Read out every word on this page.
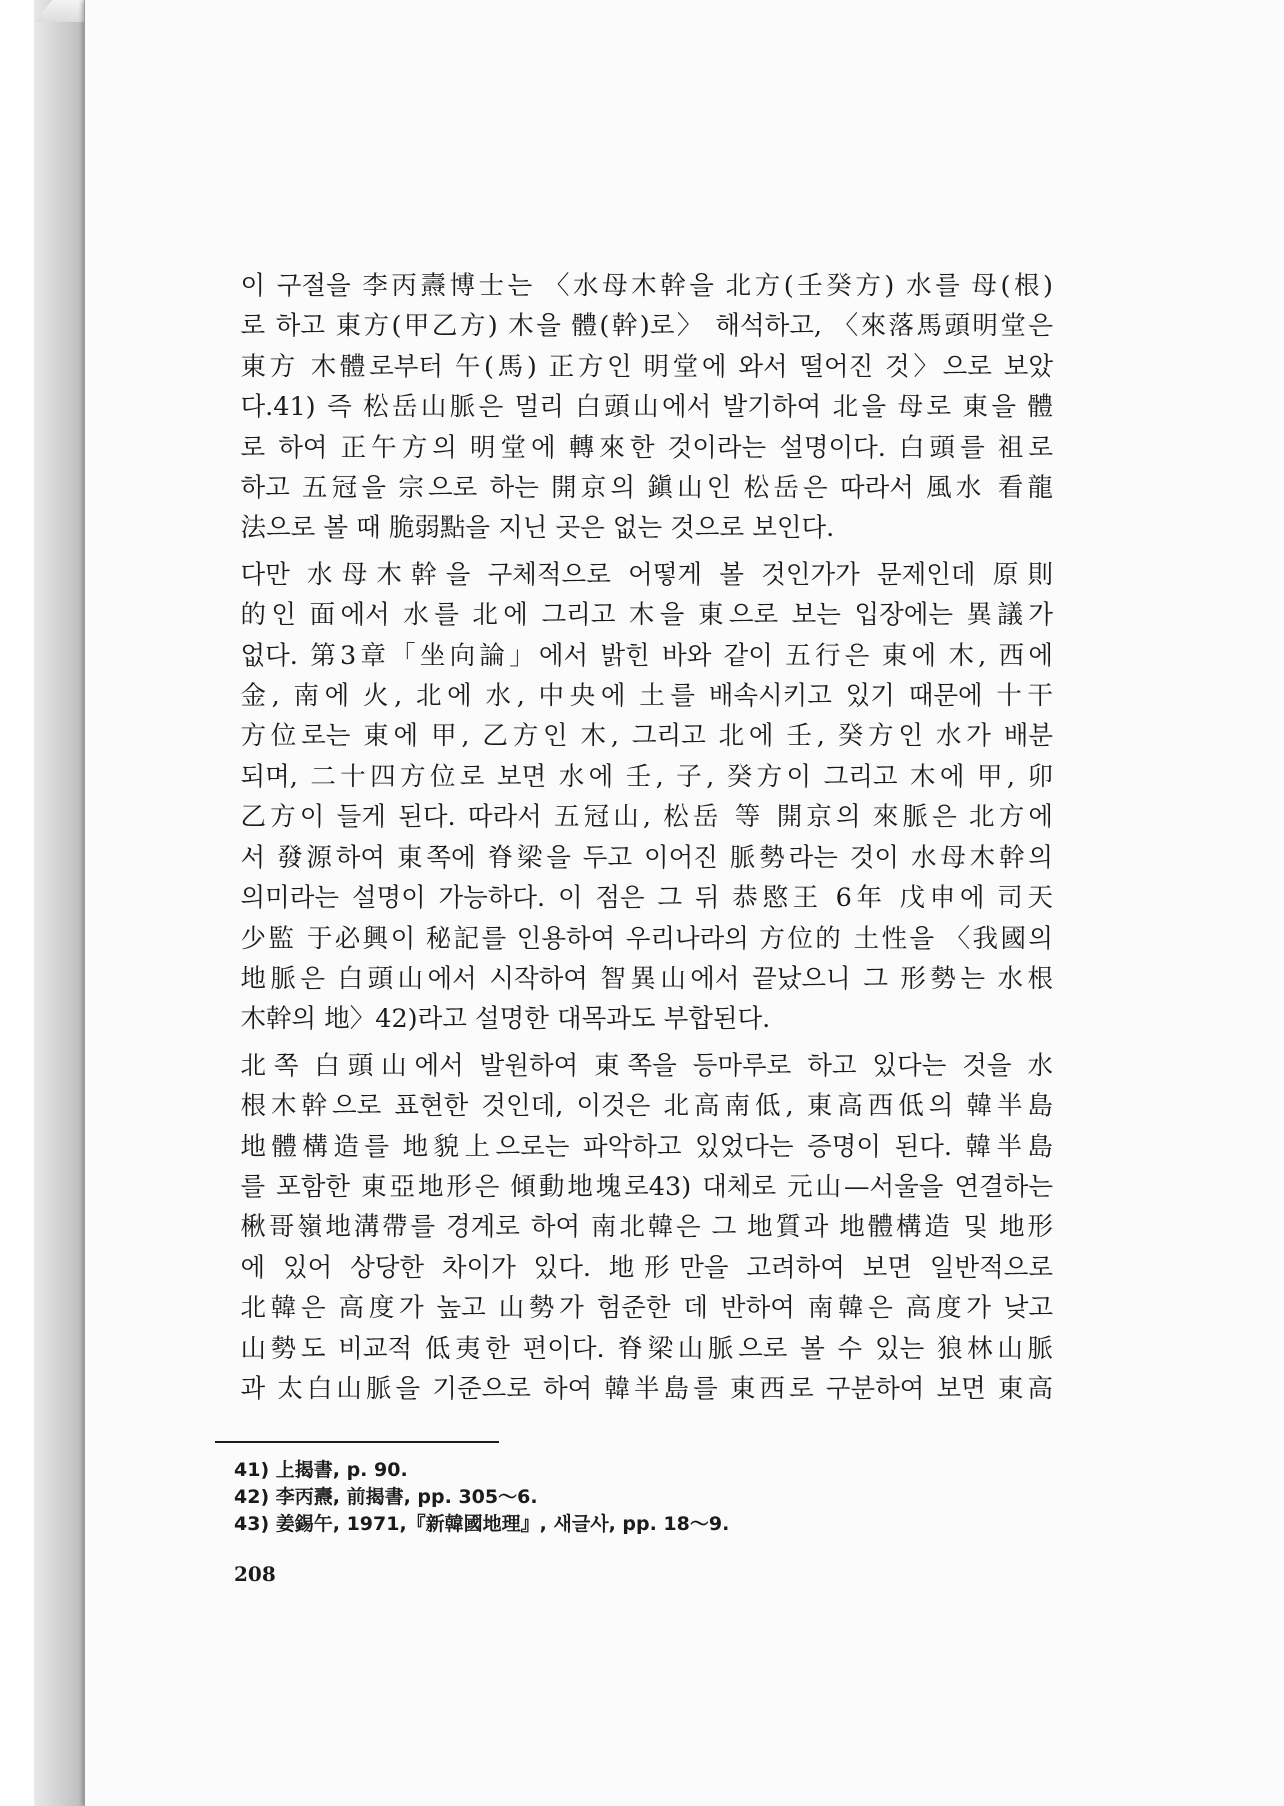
이 구절을 李丙燾博士는 〈水母木幹을 北方(壬癸方) 水를 母(根)
로 하고 東方(甲乙方) 木을 體(幹)로〉 해석하고, 〈來落馬頭明堂은
東方 木體로부터 午(馬) 正方인 明堂에 와서 떨어진 것〉으로 보았
다.41) 즉 松岳山脈은 멀리 白頭山에서 발기하여 北을 母로 東을 體
로 하여 正午方의 明堂에 轉來한 것이라는 설명이다. 白頭를 祖로
하고 五冠을 宗으로 하는 開京의 鎭山인 松岳은 따라서 風水 看龍
法으로 볼 때 脆弱點을 지닌 곳은 없는 것으로 보인다.

다만 水母木幹을 구체적으로 어떻게 볼 것인가가 문제인데 原則
的인 面에서 水를 北에 그리고 木을 東으로 보는 입장에는 異議가
없다. 第3章「坐向論」에서 밝힌 바와 같이 五行은 東에 木, 西에
金, 南에 火, 北에 水, 中央에 土를 배속시키고 있기 때문에 十干
方位로는 東에 甲, 乙方인 木, 그리고 北에 壬, 癸方인 水가 배분
되며, 二十四方位로 보면 水에 壬, 子, 癸方이 그리고 木에 甲, 卯
乙方이 들게 된다. 따라서 五冠山, 松岳 等 開京의 來脈은 北方에
서 發源하여 東쪽에 脊梁을 두고 이어진 脈勢라는 것이 水母木幹의
의미라는 설명이 가능하다. 이 점은 그 뒤 恭愍王 6年 戊申에 司天
少監 于必興이 秘記를 인용하여 우리나라의 方位的 土性을 〈我國의
地脈은 白頭山에서 시작하여 智異山에서 끝났으니 그 形勢는 水根
木幹의 地〉42)라고 설명한 대목과도 부합된다.

北쪽 白頭山에서 발원하여 東쪽을 등마루로 하고 있다는 것을 水
根木幹으로 표현한 것인데, 이것은 北高南低, 東高西低의 韓半島
地體構造를 地貌上으로는 파악하고 있었다는 증명이 된다. 韓半島
를 포함한 東亞地形은 傾動地塊로43) 대체로 元山—서울을 연결하는
楸哥嶺地溝帶를 경계로 하여 南北韓은 그 地質과 地體構造 및 地形
에 있어 상당한 차이가 있다. 地形만을 고려하여 보면 일반적으로
北韓은 高度가 높고 山勢가 험준한 데 반하여 南韓은 高度가 낮고
山勢도 비교적 低夷한 편이다. 脊梁山脈으로 볼 수 있는 狼林山脈
과 太白山脈을 기준으로 하여 韓半島를 東西로 구분하여 보면 東高

41) 上揭書, p. 90.
42) 李丙燾, 前揭書, pp. 305～6.
43) 姜錫午, 1971,『新韓國地理』, 새글사, pp. 18～9.
208
